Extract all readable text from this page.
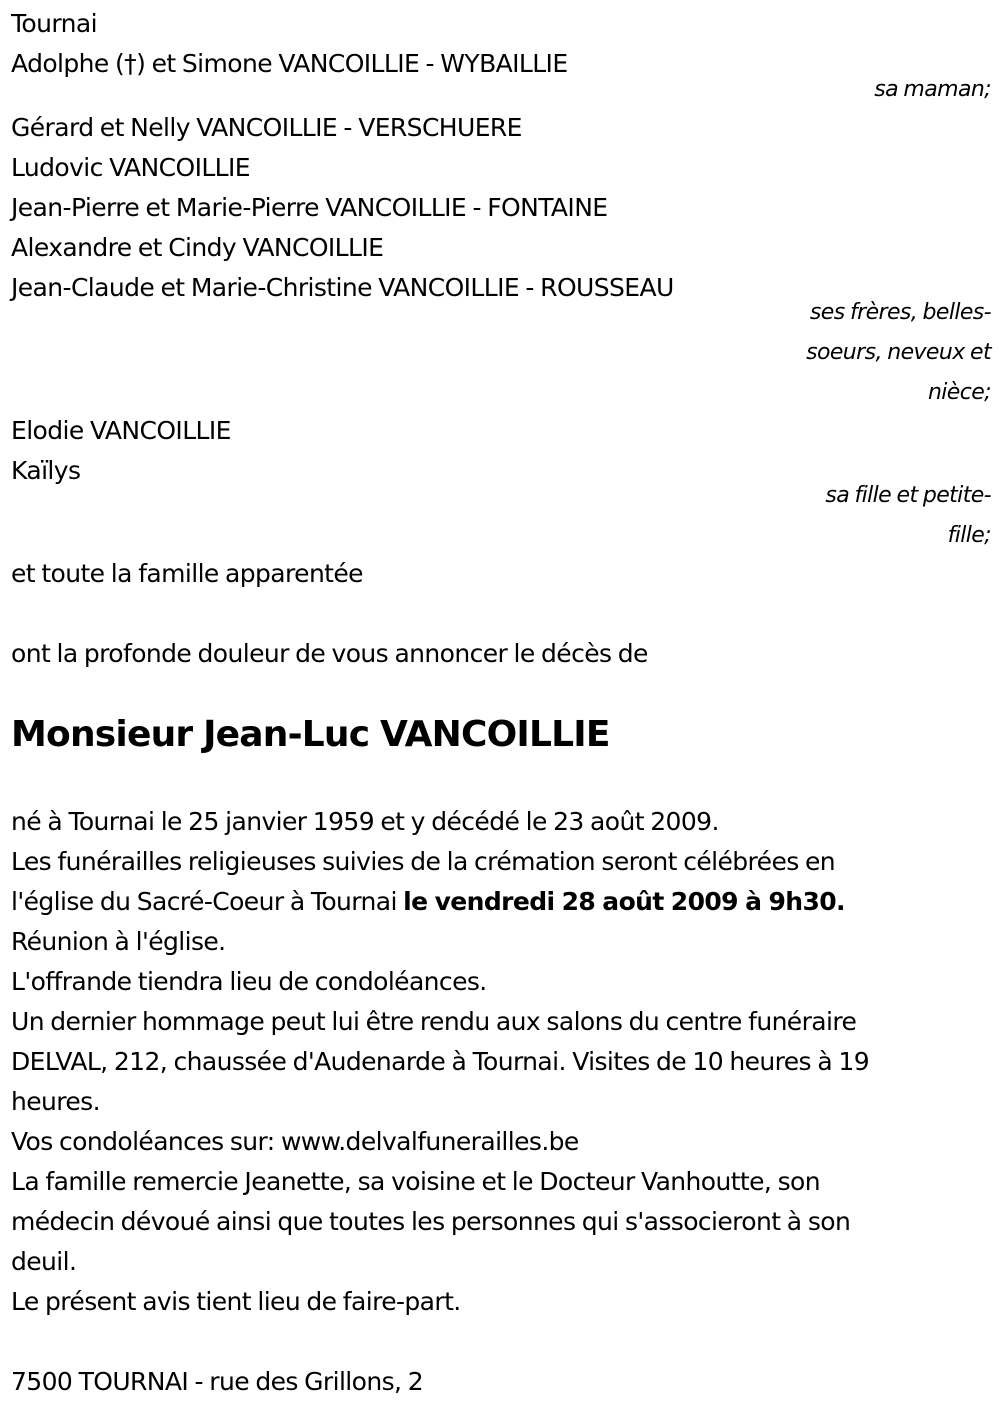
Tournai
Adolphe (†) et Simone VANCOILLIE - WYBAILLIE
sa maman;
Gérard et Nelly VANCOILLIE - VERSCHUERE
Ludovic VANCOILLIE
Jean-Pierre et Marie-Pierre VANCOILLIE - FONTAINE
Alexandre et Cindy VANCOILLIE
Jean-Claude et Marie-Christine VANCOILLIE - ROUSSEAU
ses frères, belles-
soeurs, neveux et
nièce;
Elodie VANCOILLIE
Kaïlys
sa fille et petite-
fille;
et toute la famille apparentée
ont la profonde douleur de vous annoncer le décès de
Monsieur Jean-Luc VANCOILLIE
né à Tournai le 25 janvier 1959 et y décédé le 23 août 2009.
Les funérailles religieuses suivies de la crémation seront célébrées en
l'église du Sacré-Coeur à Tournai le vendredi 28 août 2009 à 9h30.
Réunion à l'église.
L'offrande tiendra lieu de condoléances.
Un dernier hommage peut lui être rendu aux salons du centre funéraire
DELVAL, 212, chaussée d'Audenarde à Tournai. Visites de 10 heures à 19
heures.
Vos condoléances sur: www.delvalfunerailles.be
La famille remercie Jeanette, sa voisine et le Docteur Vanhoutte, son
médecin dévoué ainsi que toutes les personnes qui s'associeront à son
deuil.
Le présent avis tient lieu de faire-part.
7500 TOURNAI - rue des Grillons, 2
